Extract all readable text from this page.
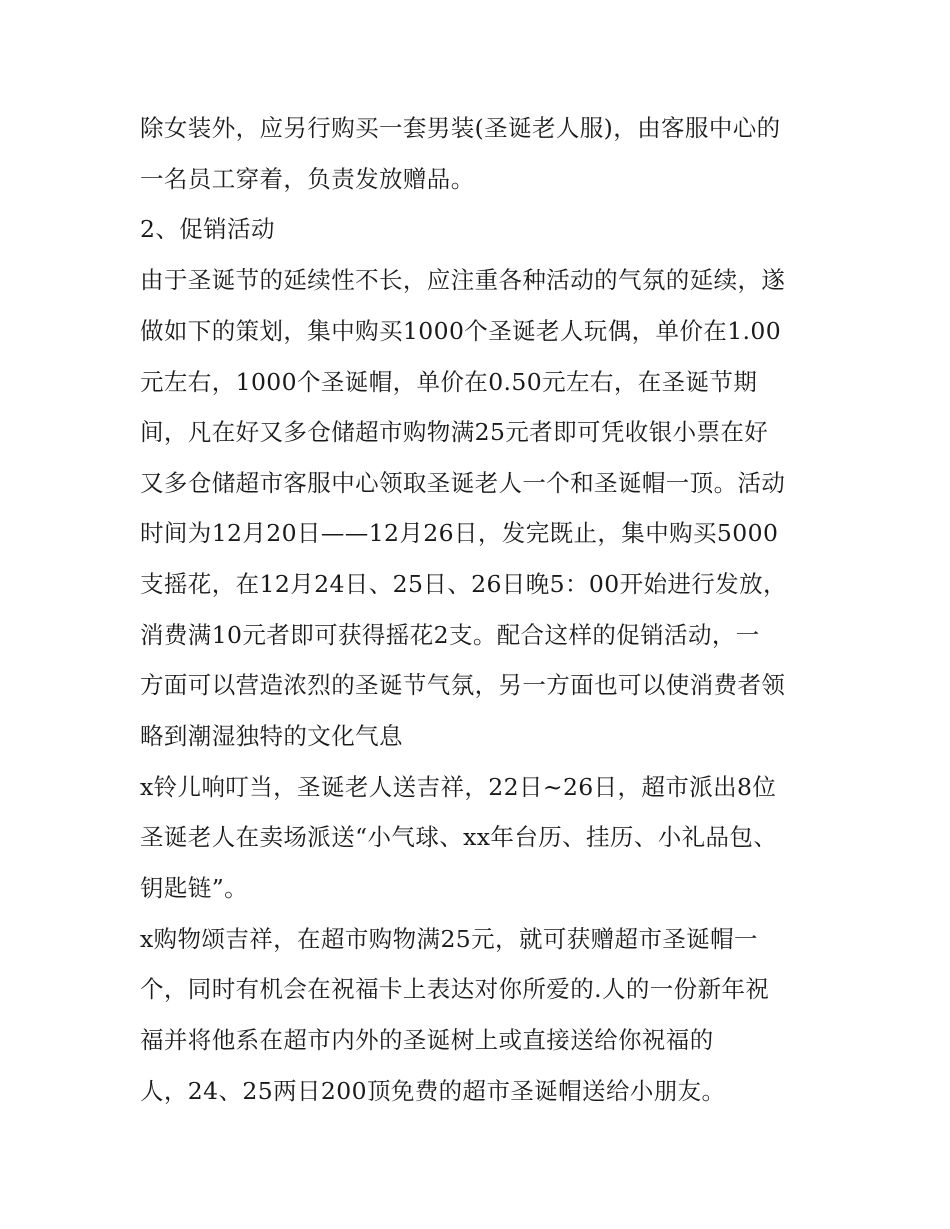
除女装外，应另行购买一套男装(圣诞老人服)，由客服中心的
一名员工穿着，负责发放赠品。
2、促销活动
由于圣诞节的延续性不长，应注重各种活动的气氛的延续，遂
做如下的策划，集中购买1000个圣诞老人玩偶，单价在1.00
元左右，1000个圣诞帽，单价在0.50元左右，在圣诞节期
间，凡在好又多仓储超市购物满25元者即可凭收银小票在好
又多仓储超市客服中心领取圣诞老人一个和圣诞帽一顶。活动
时间为12月20日——12月26日，发完既止，集中购买5000
支摇花，在12月24日、25日、26日晚5：00开始进行发放，
消费满10元者即可获得摇花2支。配合这样的促销活动，一
方面可以营造浓烈的圣诞节气氛，另一方面也可以使消费者领
略到潮湿独特的文化气息
x铃儿响叮当，圣诞老人送吉祥，22日~26日，超市派出8位
圣诞老人在卖场派送“小气球、xx年台历、挂历、小礼品包、
钥匙链”。
x购物颂吉祥，在超市购物满25元，就可获赠超市圣诞帽一
个，同时有机会在祝福卡上表达对你所爱的.人的一份新年祝
福并将他系在超市内外的圣诞树上或直接送给你祝福的
人，24、25两日200顶免费的超市圣诞帽送给小朋友。
